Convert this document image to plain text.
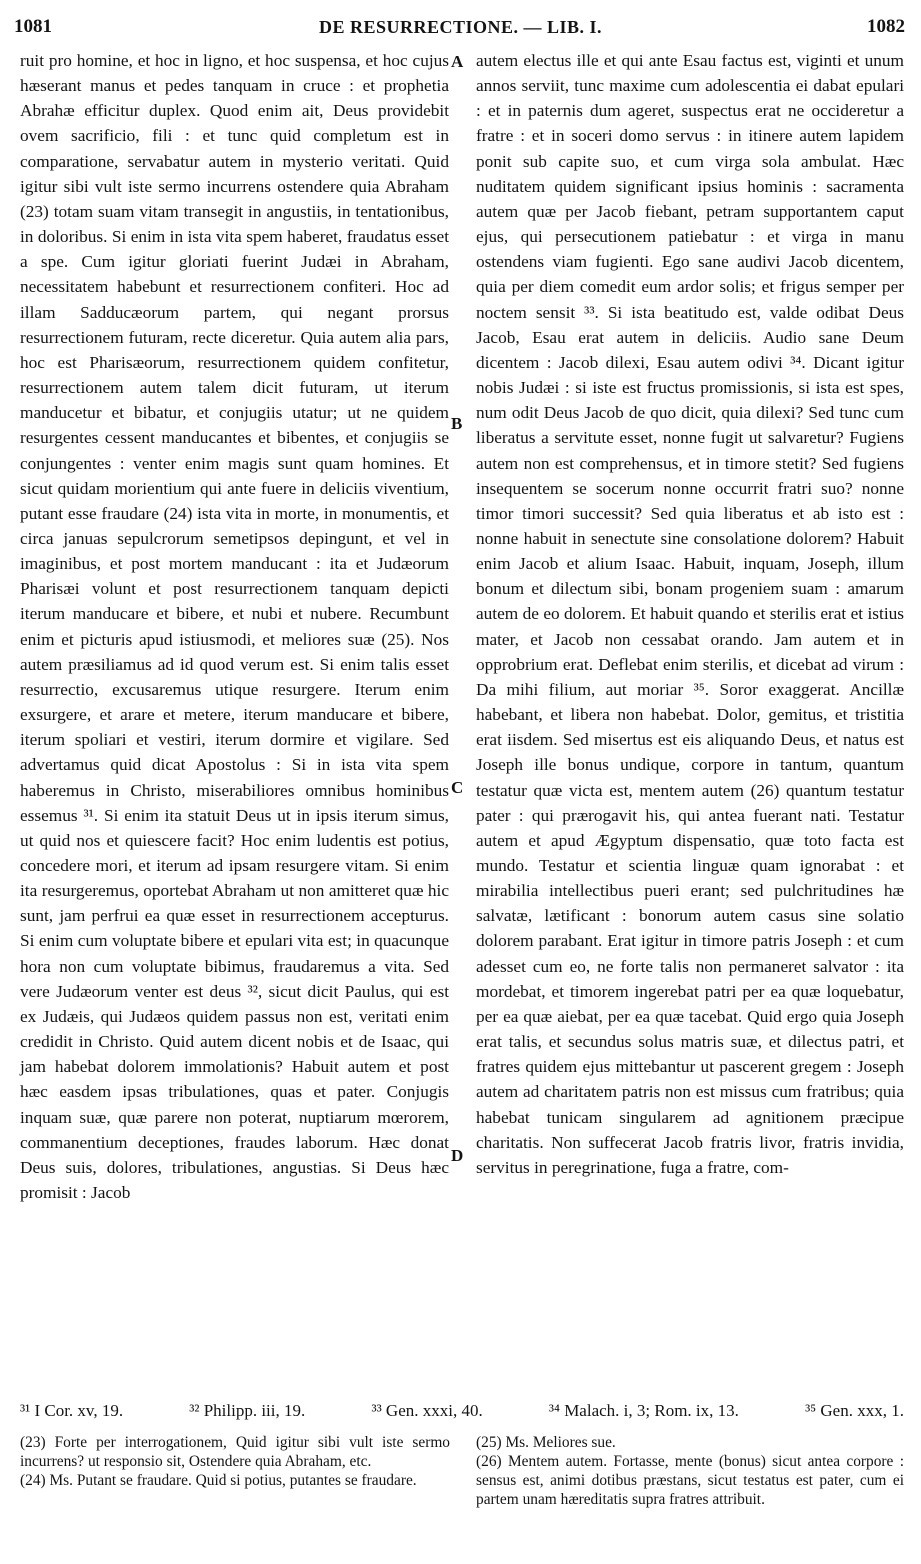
1081	DE RESURRECTIONE. — LIB. I.	1082

ruit pro homine, et hoc in ligno, et hoc suspensa, et hoc cujus hæserant manus et pedes tanquam in cruce : et prophetia Abrahæ efficitur duplex. Quod enim ait, Deus providebit ovem sacrificio, fili : et tunc quid completum est in comparatione, servabatur autem in mysterio veritati. Quid igitur sibi vult iste sermo incurrens ostendere quia Abraham (23) totam suam vitam transegit in angustiis, in tentationibus, in doloribus. Si enim in ista vita spem haberet, fraudatus esset a spe. Cum igitur gloriati fuerint Judæi in Abraham, necessitatem habebunt et resurrectionem confiteri. Hoc ad illam Sadducæorum partem, qui negant prorsus resurrectionem futuram, recte diceretur. Quia autem alia pars, hoc est Pharisæorum, resurrectionem quidem confitetur, resurrectionem autem talem dicit futuram, ut iterum manducetur et bibatur, et conjugiis utatur; ut ne quidem resurgentes cessent manducantes et bibentes, et conjugiis se conjungentes : venter enim magis sunt quam homines. Et sicut quidam morientium qui ante fuere in deliciis viventium, putant esse fraudare (24) ista vita in morte, in monumentis, et circa januas sepulcrorum semetipsos depingunt, et vel in imaginibus, et post mortem manducant : ita et Judæorum Pharisæi volunt et post resurrectionem tanquam depicti iterum manducare et bibere, et nubi et nubere. Recumbunt enim et picturis apud istiusmodi, et meliores suæ (25). Nos autem præsiliamus ad id quod verum est. Si enim talis esset resurrectio, excusaremus utique resurgere. Iterum enim exsurgere, et arare et metere, iterum manducare et bibere, iterum spoliari et vestiri, iterum dormire et vigilare. Sed advertamus quid dicat Apostolus : Si in ista vita spem haberemus in Christo, miserabiliores omnibus hominibus essemus ³¹. Si enim ita statuit Deus ut in ipsis iterum simus, ut quid nos et quiescere facit? Hoc enim ludentis est potius, concedere mori, et iterum ad ipsam resurgere vitam. Si enim ita resurgeremus, oportebat Abraham ut non amitteret quæ hic sunt, jam perfrui ea quæ esset in resurrectionem accepturus. Si enim cum voluptate bibere et epulari vita est; in quacunque hora non cum voluptate bibimus, fraudaremus a vita. Sed vere Judæorum venter est deus ³², sicut dicit Paulus, qui est ex Judæis, qui Judæos quidem passus non est, veritati enim credidit in Christo. Quid autem dicent nobis et de Isaac, qui jam habebat dolorem immolationis? Habuit autem et post hæc easdem ipsas tribulationes, quas et pater. Conjugis inquam suæ, quæ parere non poterat, nuptiarum mœrorem, commanentium deceptiones, fraudes laborum. Hæc donat Deus suis, dolores, tribulationes, angustias. Si Deus hæc promisit : Jacob

A
B
C
D

autem electus ille et qui ante Esau factus est, viginti et unum annos serviit, tunc maxime cum adolescentia ei dabat epulari : et in paternis dum ageret, suspectus erat ne occideretur a fratre : et in soceri domo servus : in itinere autem lapidem ponit sub capite suo, et cum virga sola ambulat. Hæc nuditatem quidem significant ipsius hominis : sacramenta autem quæ per Jacob fiebant, petram supportantem caput ejus, qui persecutionem patiebatur : et virga in manu ostendens viam fugienti. Ego sane audivi Jacob dicentem, quia per diem comedit eum ardor solis; et frigus semper per noctem sensit ³³. Si ista beatitudo est, valde odibat Deus Jacob, Esau erat autem in deliciis. Audio sane Deum dicentem : Jacob dilexi, Esau autem odivi ³⁴. Dicant igitur nobis Judæi : si iste est fructus promissionis, si ista est spes, num odit Deus Jacob de quo dicit, quia dilexi? Sed tunc cum liberatus a servitute esset, nonne fugit ut salvaretur? Fugiens autem non est comprehensus, et in timore stetit? Sed fugiens insequentem se socerum nonne occurrit fratri suo? nonne timor timori successit? Sed quia liberatus et ab isto est : nonne habuit in senectute sine consolatione dolorem? Habuit enim Jacob et alium Isaac. Habuit, inquam, Joseph, illum bonum et dilectum sibi, bonam progeniem suam : amarum autem de eo dolorem. Et habuit quando et sterilis erat et istius mater, et Jacob non cessabat orando. Jam autem et in opprobrium erat. Deflebat enim sterilis, et dicebat ad virum : Da mihi filium, aut moriar ³⁵. Soror exaggerat. Ancillæ habebant, et libera non habebat. Dolor, gemitus, et tristitia erat iisdem. Sed misertus est eis aliquando Deus, et natus est Joseph ille bonus undique, corpore in tantum, quantum testatur quæ victa est, mentem autem (26) quantum testatur pater : qui prærogavit his, qui antea fuerant nati. Testatur autem et apud Ægyptum dispensatio, quæ toto facta est mundo. Testatur et scientia linguæ quam ignorabat : et mirabilia intellectibus pueri erant; sed pulchritudines hæ salvatæ, lætificant : bonorum autem casus sine solatio dolorem parabant. Erat igitur in timore patris Joseph : et cum adesset cum eo, ne forte talis non permaneret salvator : ita mordebat, et timorem ingerebat patri per ea quæ loquebatur, per ea quæ aiebat, per ea quæ tacebat. Quid ergo quia Joseph erat talis, et secundus solus matris suæ, et dilectus patri, et fratres quidem ejus mittebantur ut pascerent gregem : Joseph autem ad charitatem patris non est missus cum fratribus; quia habebat tunicam singularem ad agnitionem præcipue charitatis. Non suffecerat Jacob fratris livor, fratris invidia, servitus in peregrinatione, fuga a fratre, com-

³¹ I Cor. xv, 19.	³² Philipp. iii, 19.	³³ Gen. xxxi, 40.	³⁴ Malach. i, 3; Rom. ix, 13.	³⁵ Gen. xxx, 1.

(23) Forte per interrogationem, Quid igitur sibi vult iste sermo incurrens? ut responsio sit, Ostendere quia Abraham, etc.

(24) Ms. Putant se fraudare. Quid si potius, putantes se fraudare.

(25) Ms. Meliores sue.

(26) Mentem autem. Fortasse, mente (bonus) sicut antea corpore : sensus est, animi dotibus præstans, sicut testatus est pater, cum ei partem unam hæreditatis supra fratres attribuit.
